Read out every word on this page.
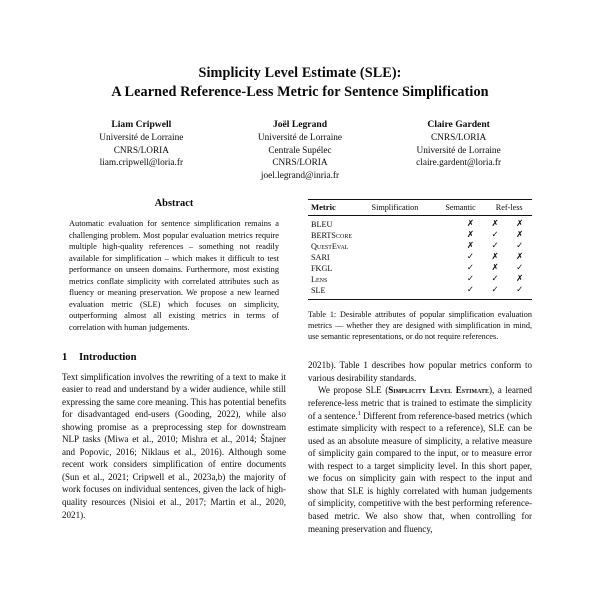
Simplicity Level Estimate (SLE):
A Learned Reference-Less Metric for Sentence Simplification
Liam Cripwell
Université de Lorraine
CNRS/LORIA
liam.cripwell@loria.fr
Joël Legrand
Université de Lorraine
Centrale Supélec
CNRS/LORIA
joel.legrand@inria.fr
Claire Gardent
CNRS/LORIA
Université de Lorraine
claire.gardent@loria.fr
Abstract
Automatic evaluation for sentence simplification remains a challenging problem. Most popular evaluation metrics require multiple high-quality references – something not readily available for simplification – which makes it difficult to test performance on unseen domains. Furthermore, most existing metrics conflate simplicity with correlated attributes such as fluency or meaning preservation. We propose a new learned evaluation metric (SLE) which focuses on simplicity, outperforming almost all existing metrics in terms of correlation with human judgements.
1 Introduction

Text simplification involves the rewriting of a text to make it easier to read and understand by a wider audience, while still expressing the same core meaning. This has potential benefits for disadvantaged end-users (Gooding, 2022), while also showing promise as a preprocessing step for downstream NLP tasks (Miwa et al., 2010; Mishra et al., 2014; Štajner and Popovic, 2016; Niklaus et al., 2016). Although some recent work considers simplification of entire documents (Sun et al., 2021; Cripwell et al., 2023a,b) the majority of work focuses on individual sentences, given the lack of high-quality resources (Nisioi et al., 2017; Martin et al., 2020, 2021).

Metric	Simplification	Semantic	Ref-less
BLEU	✗	✗	✗
BERTScore	✗	✓	✗
QuestEval	✗	✓	✓
SARI	✓	✗	✗
FKGL	✓	✗	✓
Lens	✓	✓	✗
SLE	✓	✓	✓
Table 1: Desirable attributes of popular simplification evaluation metrics — whether they are designed with simplification in mind, use semantic representations, or do not require references.

2021b). Table 1 describes how popular metrics conform to various desirability standards.

We propose SLE (Simplicity Level Estimate), a learned reference-less metric that is trained to estimate the simplicity of a sentence.$^1$ Different from reference-based metrics (which estimate simplicity with respect to a reference), SLE can be used as an absolute measure of simplicity, a relative measure of simplicity gain compared to the input, or to measure error with respect to a target simplicity level. In this short paper, we focus on simplicity gain with respect to the input and show that SLE is highly correlated with human judgements of simplicity, competitive with the best performing reference-based metric. We also show that, when controlling for meaning preservation and fluency,
